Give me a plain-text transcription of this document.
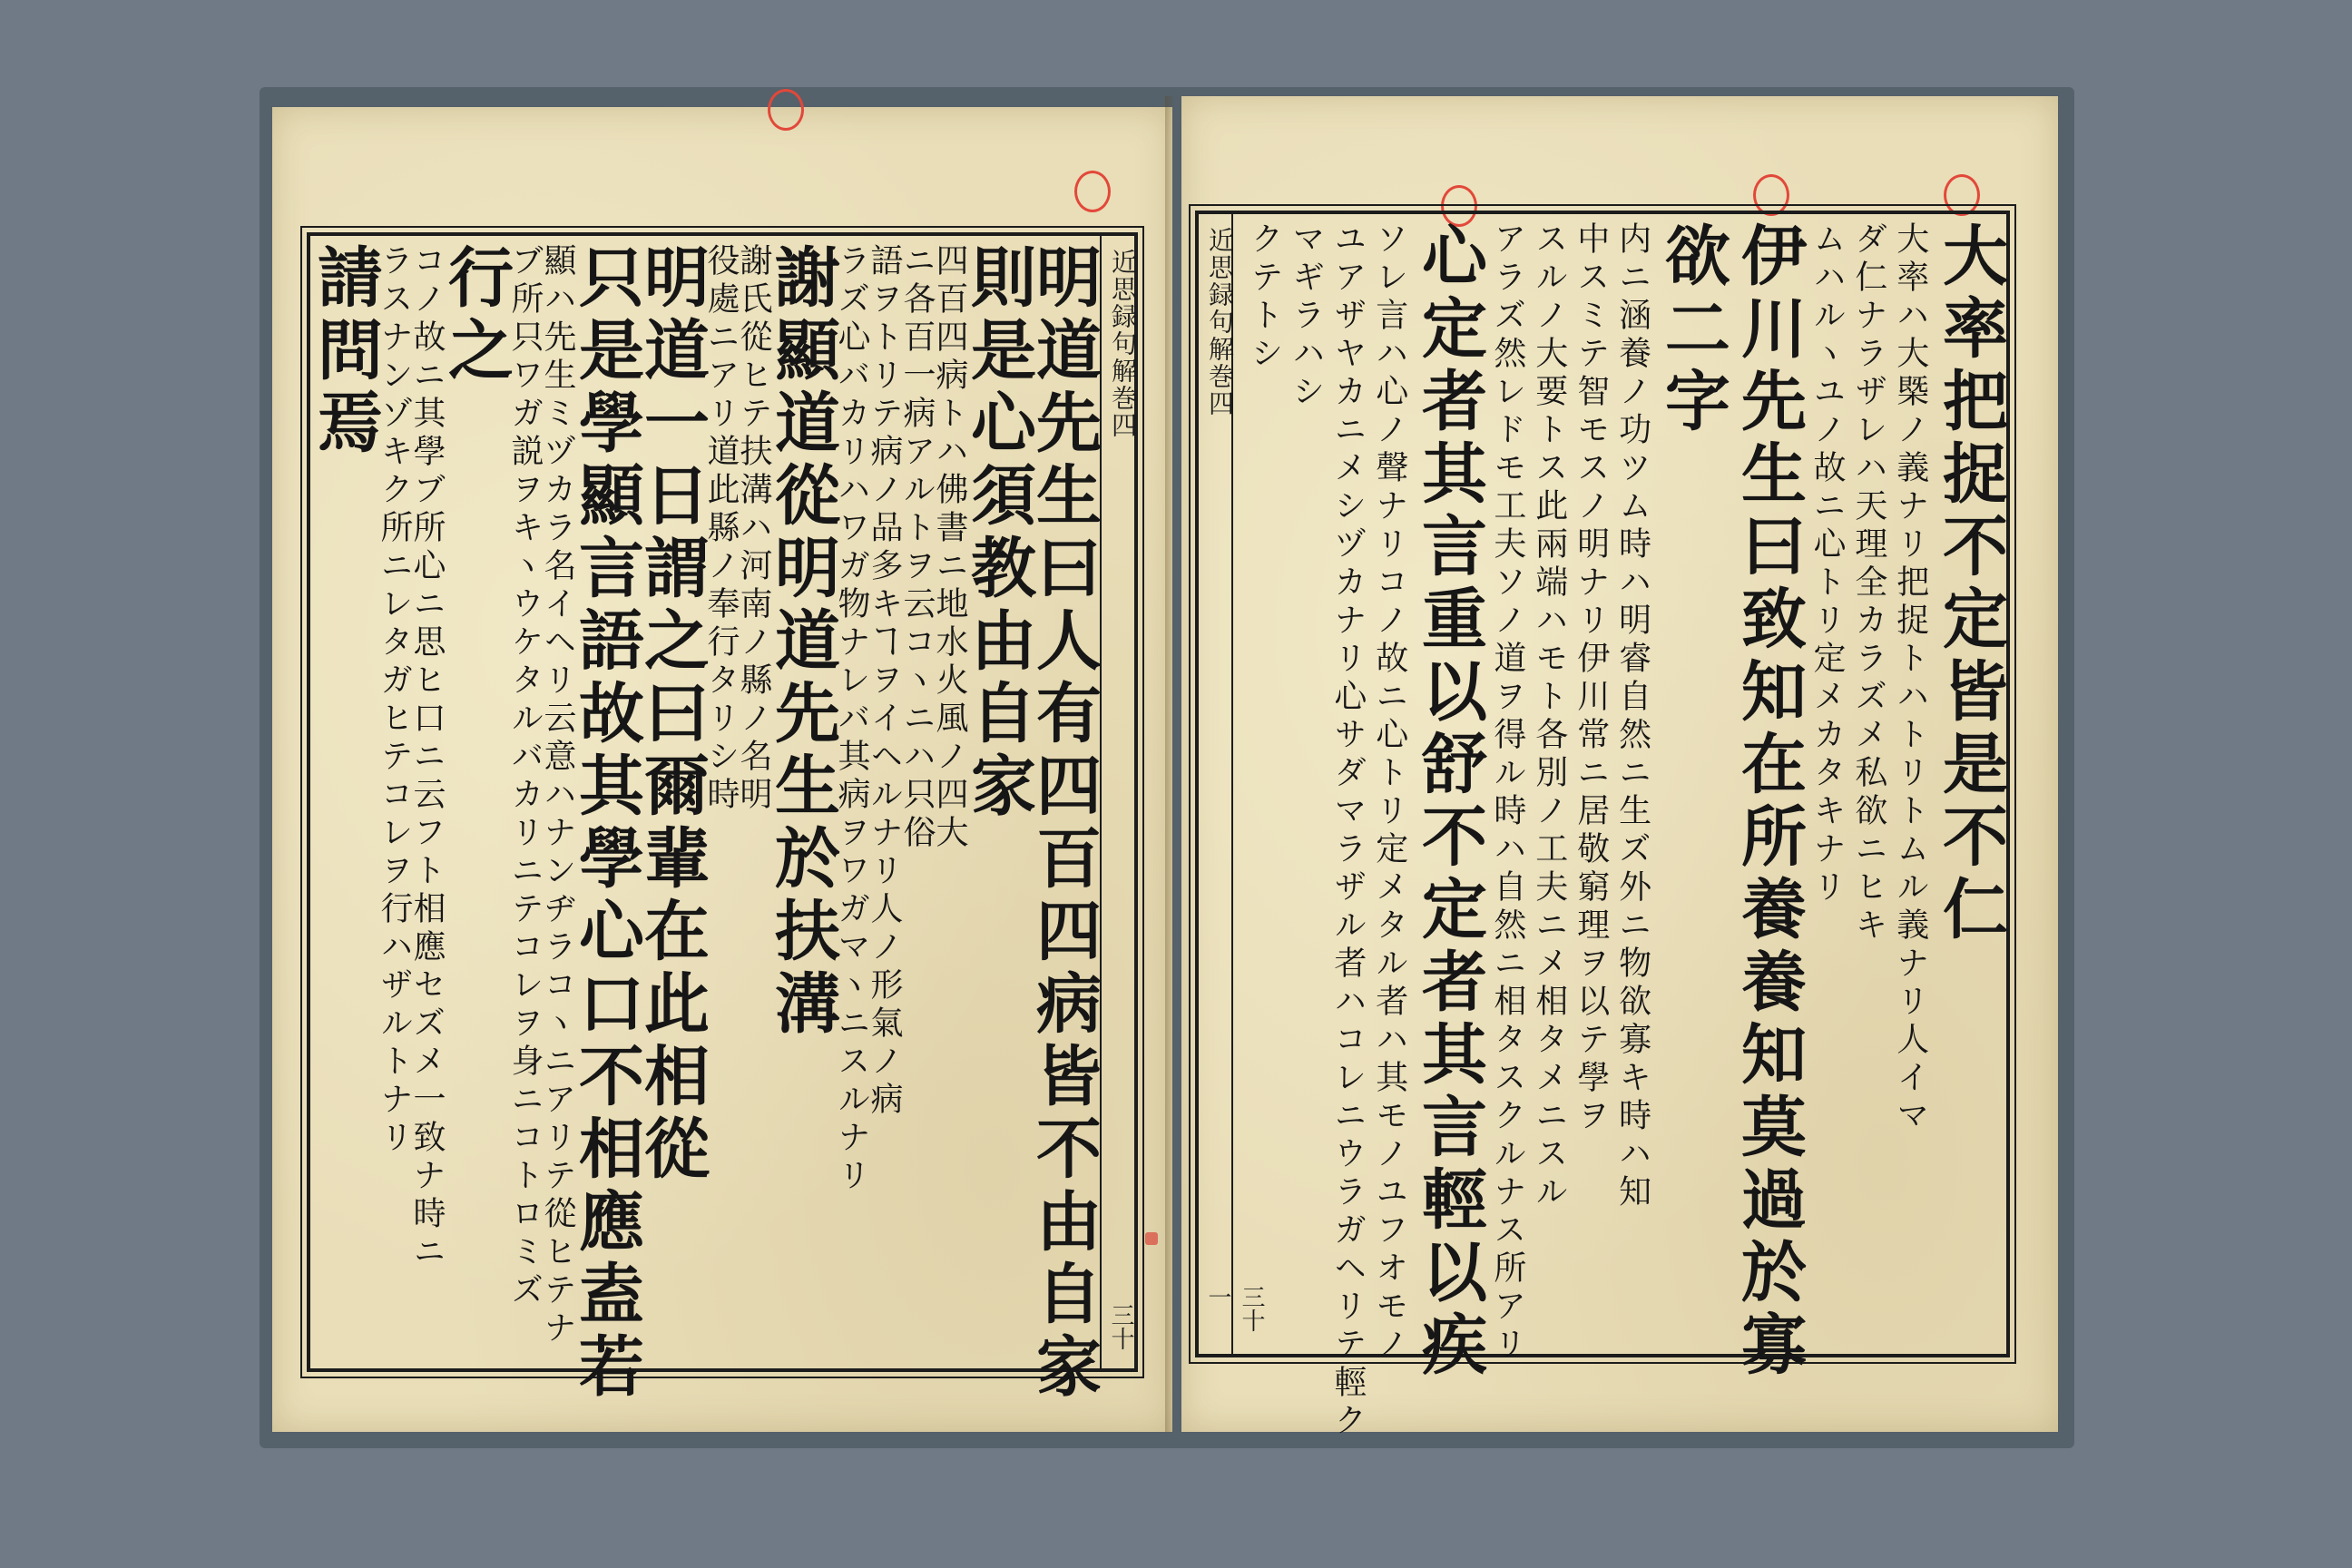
近思録句解巻四
三十
明道先生曰人有四百四病皆不由自家
則是心須教由自家
四百四病トハ佛書ニ地水火風ノ四大
ニ各百一病アルトヲ云コヽニハ只俗
語ヲトリテ病ノ品多キヿヲイヘルナリ人ノ形氣ノ病
ラズ心バカリハワガ物ナレバ其病ヲワガマヽニスルナリ
謝顯道從明道先生於扶溝
謝氏從ヒテ扶溝ハ河南ノ縣ノ名明
役處ニアリ道此縣ノ奉行タリシ時
明道一日謂之曰爾輩在此相從
只是學顯言語故其學心口不相應盍若
顯ハ先生ミヅカラ名イヘリ云意ハナンヂラコヽニアリテ從ヒテナ
ブ所只ワガ説ヲキヽウケタルバカリニテコレヲ身ニコトロミズ
行之
コノ故ニ其學ブ所心ニ思ヒ口ニ云フト相應セズメ一致ナ時ニ
ラスナンゾキク所ニレタガヒテコレヲ行ハザルトナリ
請問焉	近思録句解巻四
三十一
大率把捉不定皆是不仁
大率ハ大槩ノ義ナリ把捉トハトリトムル義ナリ人イマ
ダ仁ナラザレハ天理全カラズメ私欲ニヒキ
ムハルヽユノ故ニ心トリ定メカタキナリ
伊川先生曰致知在所養養知莫過於寡
欲二字
内ニ涵養ノ功ツム時ハ明睿自然ニ生ズ外ニ物欲寡キ時ハ知
中スミテ智モスノ明ナリ伊川常ニ居敬窮理ヲ以テ學ヲ
スルノ大要トス此兩端ハモト各別ノ工夫ニメ相タメニスル
アラズ然レドモ工夫ソノ道ヲ得ル時ハ自然ニ相タスクルナス所アリ
心定者其言重以舒不定者其言輕以疾
ソレ言ハ心ノ聲ナリコノ故ニ心トリ定メタル者ハ其モノユフオモノ
ユアザヤカニメシヅカナリ心サダマラザル者ハコレニウラガヘリテ輕ク
マギラハシ
クテトシ
